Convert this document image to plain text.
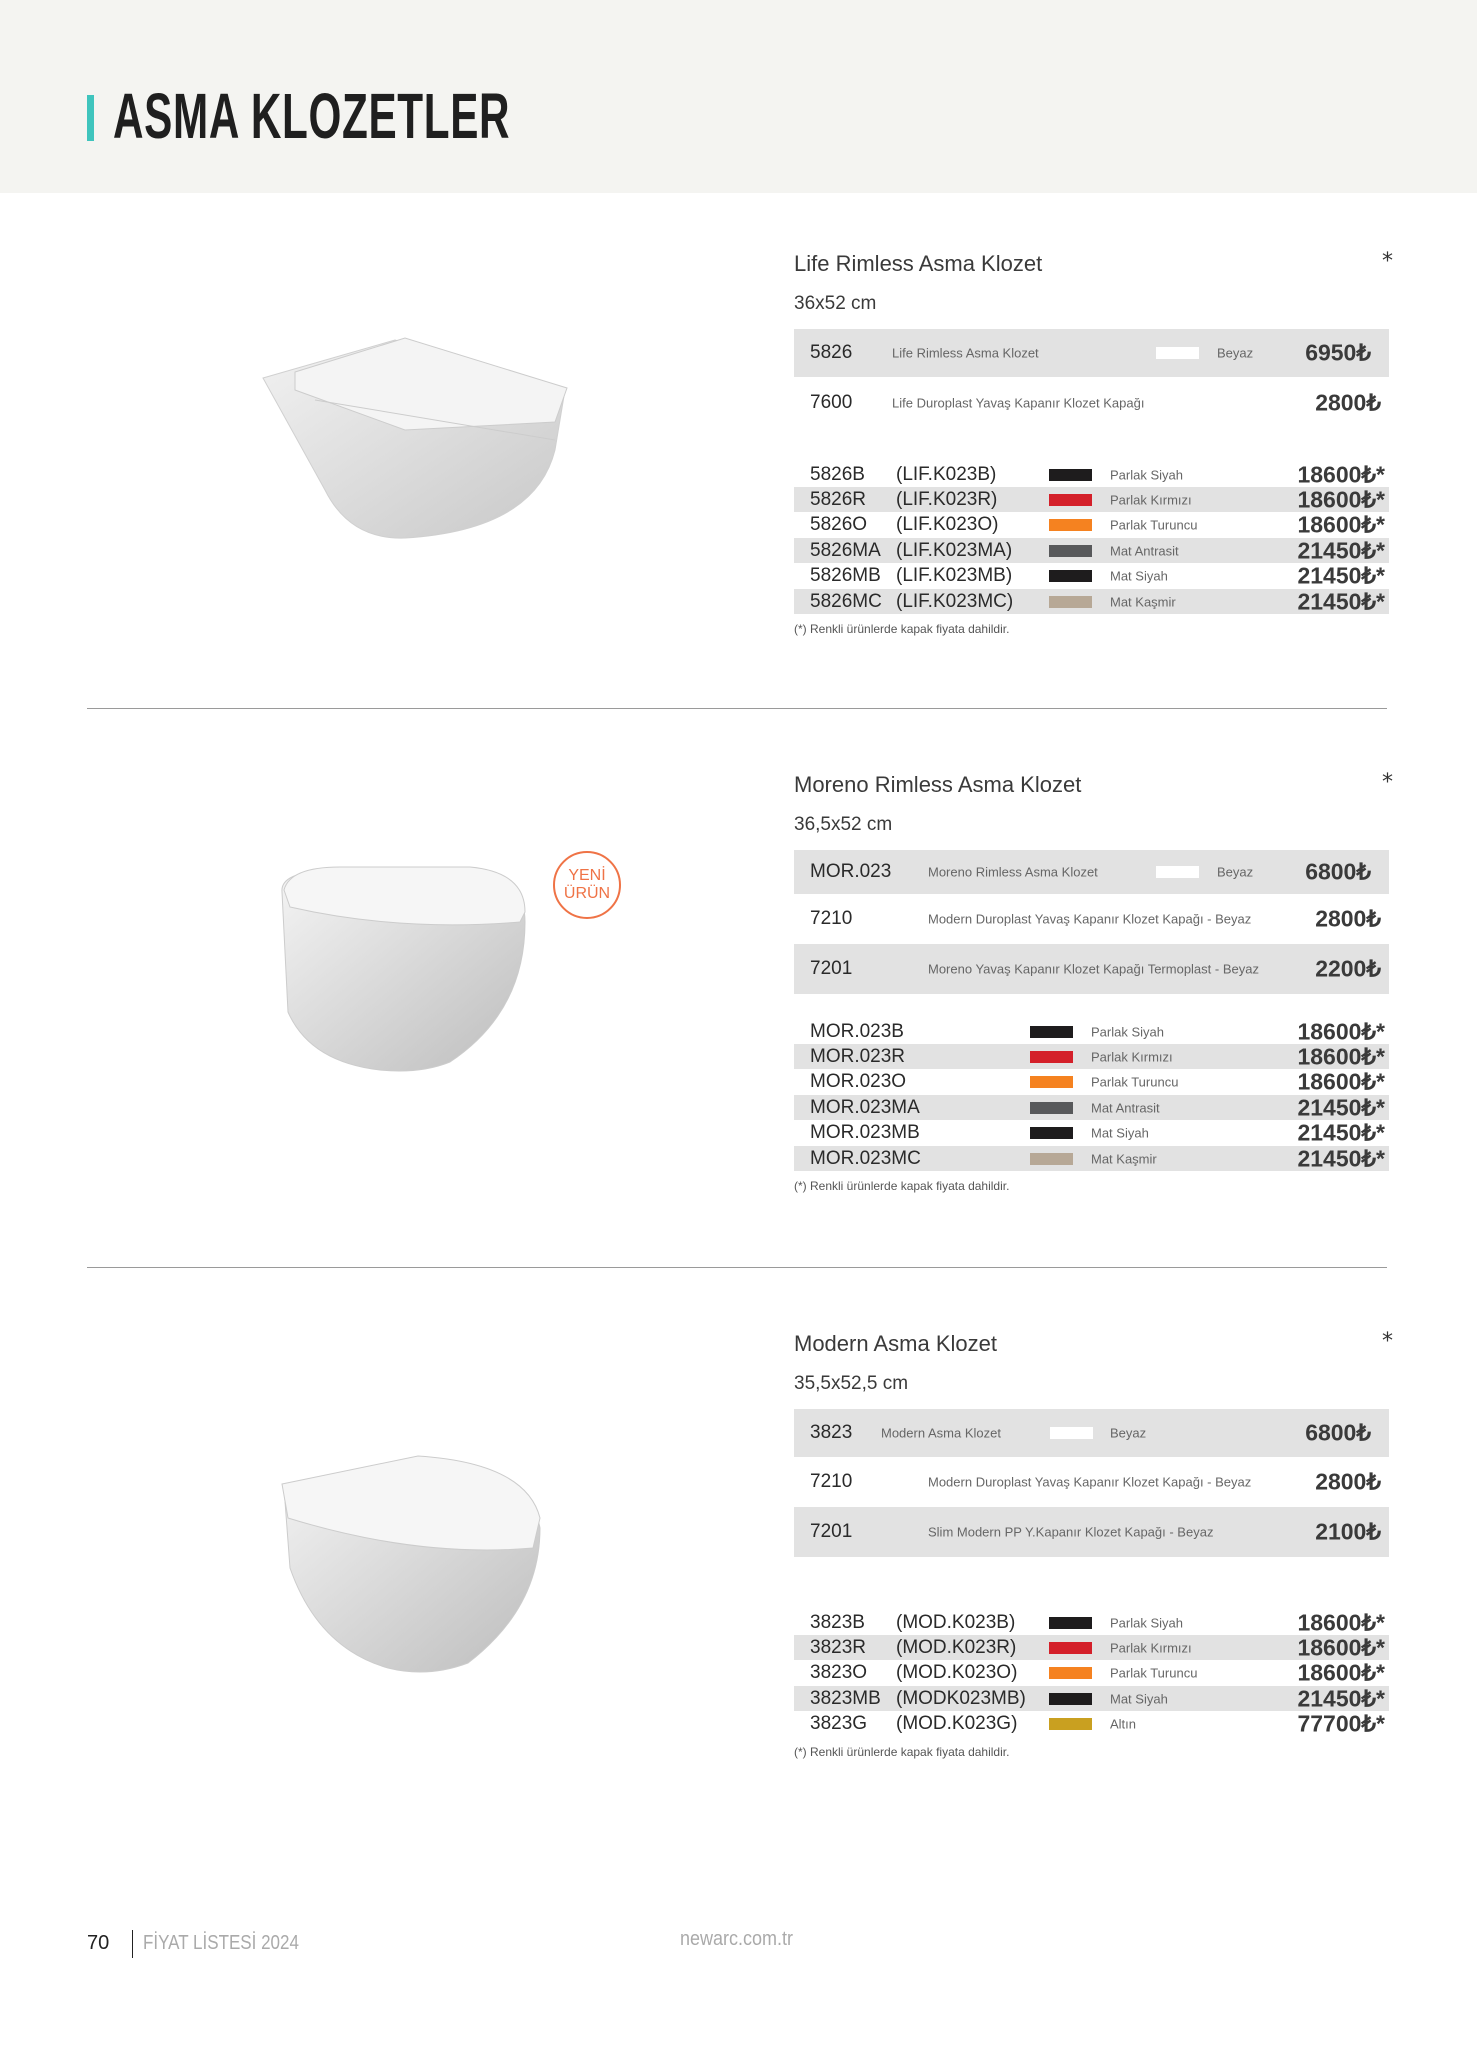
ASMA KLOZETLER
YENİ
ÜRÜN
Life Rimless Asma Klozet	*
36x52 cm
5826	Life Rimless Asma Klozet	Beyaz 6950₺
7600	Life Duroplast Yavaş Kapanır Klozet Kapağı	2800₺
5826B (LIF.K023B)	Parlak Siyah	18600₺*
5826R (LIF.K023R)	Parlak Kırmızı	18600₺*
5826O (LIF.K023O)	Parlak Turuncu	18600₺*
5826MA (LIF.K023MA)	Mat Antrasit	21450₺*
5826MB (LIF.K023MB)	Mat Siyah	21450₺*
5826MC (LIF.K023MC)	Mat Kaşmir	21450₺*
(*) Renkli ürünlerde kapak fiyata dahildir.
Moreno Rimless Asma Klozet	*
36,5x52 cm
MOR.023	Moreno Rimless Asma Klozet	Beyaz 6800₺
7210	Modern Duroplast Yavaş Kapanır Klozet Kapağı - Beyaz	2800₺
7201	Moreno Yavaş Kapanır Klozet Kapağı Termoplast - Beyaz 2200₺
MOR.023B	Parlak Siyah	18600₺*
MOR.023R	Parlak Kırmızı	18600₺*
MOR.023O	Parlak Turuncu	18600₺*
MOR.023MA	Mat Antrasit	21450₺*
MOR.023MB	Mat Siyah	21450₺*
MOR.023MC	Mat Kaşmir	21450₺*
(*) Renkli ürünlerde kapak fiyata dahildir.
Modern Asma Klozet	*
35,5x52,5 cm
3823 Modern Asma Klozet	Beyaz	6800₺
7210	Modern Duroplast Yavaş Kapanır Klozet Kapağı - Beyaz	2800₺
7201	Slim Modern PP Y.Kapanır Klozet Kapağı - Beyaz	2100₺
3823B (MOD.K023B)	Parlak Siyah	18600₺*
3823R (MOD.K023R)	Parlak Kırmızı	18600₺*
3823O (MOD.K023O)	Parlak Turuncu	18600₺*
3823MB (MODK023MB)	Mat Siyah	21450₺*
3823G (MOD.K023G)	Altın	77700₺*
(*) Renkli ürünlerde kapak fiyata dahildir.
70 FİYAT LİSTESİ 2024	newarc.com.tr
